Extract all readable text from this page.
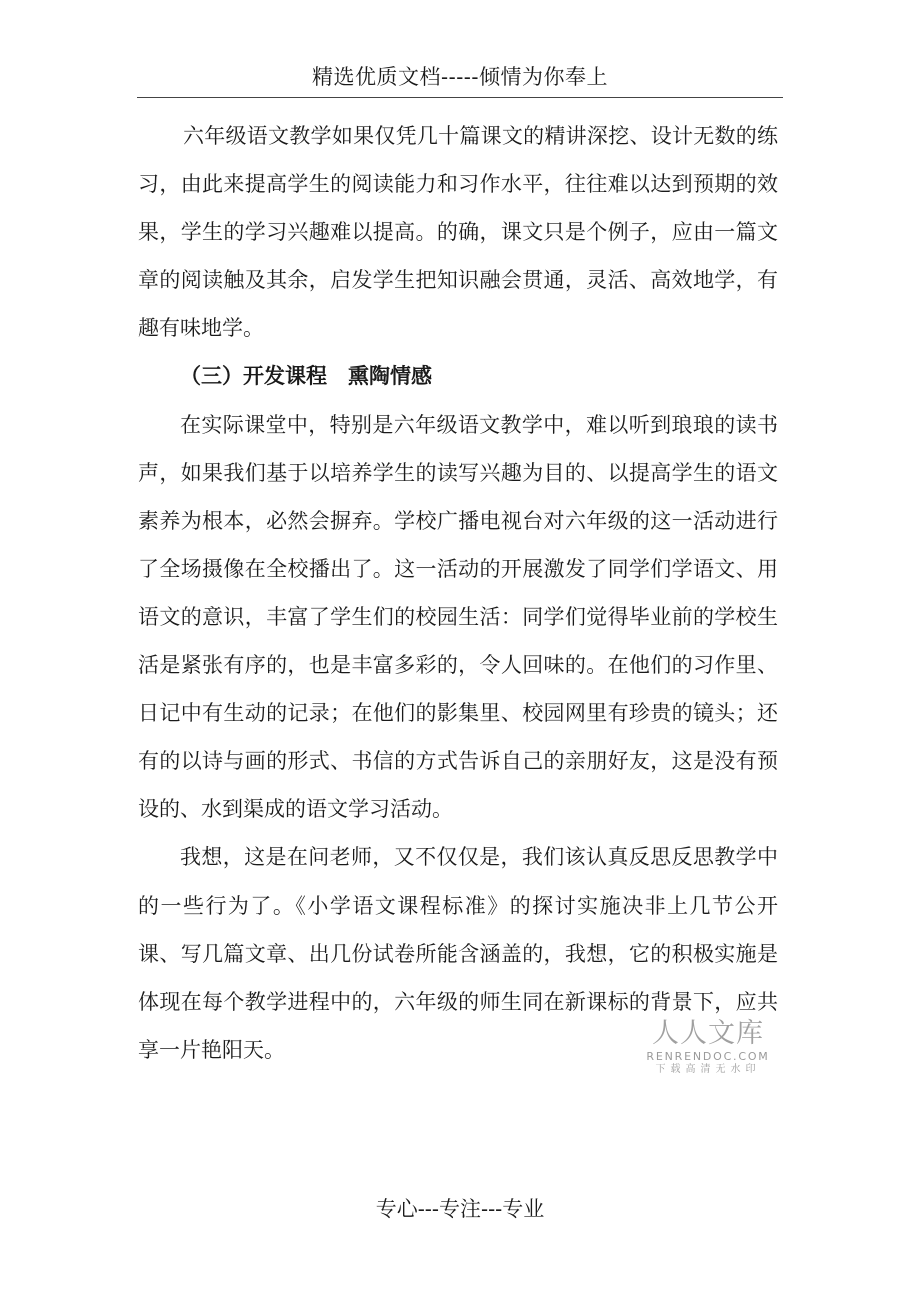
精选优质文档-----倾情为你奉上

六年级语文教学如果仅凭几十篇课文的精讲深挖、设计无数的练习，由此来提高学生的阅读能力和习作水平，往往难以达到预期的效果，学生的学习兴趣难以提高。的确，课文只是个例子，应由一篇文章的阅读触及其余，启发学生把知识融会贯通，灵活、高效地学，有趣有味地学。

（三）开发课程 熏陶情感

在实际课堂中，特别是六年级语文教学中，难以听到琅琅的读书声，如果我们基于以培养学生的读写兴趣为目的、以提高学生的语文素养为根本，必然会摒弃。学校广播电视台对六年级的这一活动进行了全场摄像在全校播出了。这一活动的开展激发了同学们学语文、用语文的意识，丰富了学生们的校园生活：同学们觉得毕业前的学校生活是紧张有序的，也是丰富多彩的，令人回味的。在他们的习作里、日记中有生动的记录；在他们的影集里、校园网里有珍贵的镜头；还有的以诗与画的形式、书信的方式告诉自己的亲朋好友，这是没有预设的、水到渠成的语文学习活动。

我想，这是在问老师，又不仅仅是，我们该认真反思反思教学中的一些行为了。《小学语文课程标准》的探讨实施决非上几节公开课、写几篇文章、出几份试卷所能含涵盖的，我想，它的积极实施是体现在每个教学进程中的，六年级的师生同在新课标的背景下，应共享一片艳阳天。

人人文库
RENRENDOC.COM
下载高清无水印
专心---专注---专业
